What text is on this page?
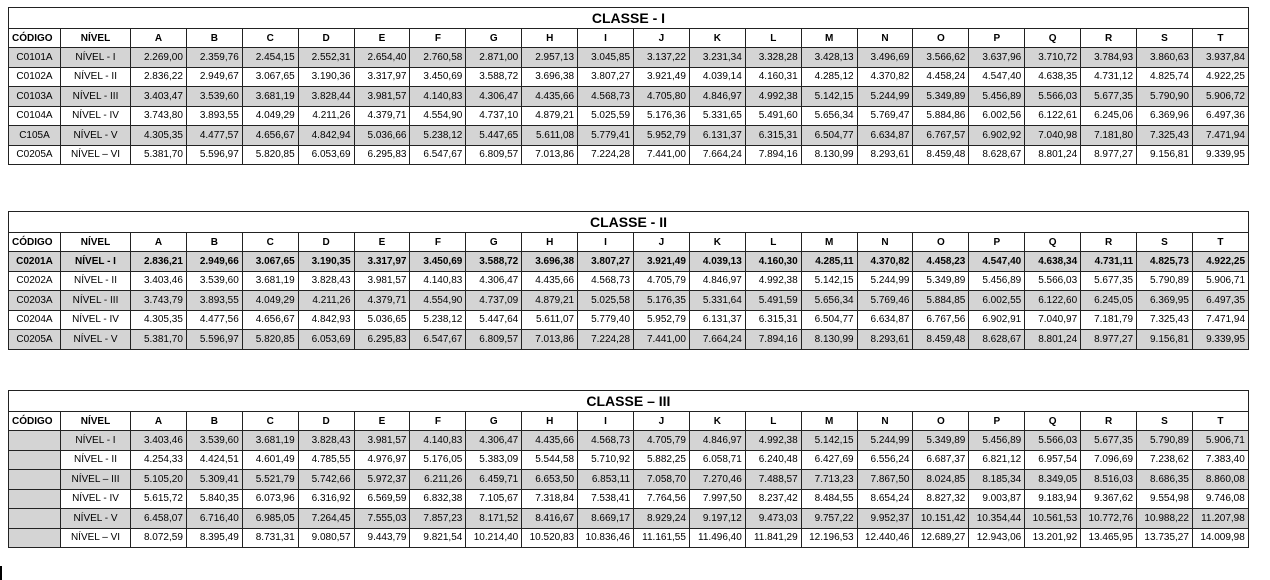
CLASSE - I																					
CÓDIGO	NÍVEL	A	B	C	D	E	F	G	H	I	J	K	L	M	N	O	P	Q	R	S	T
C0101A	NÍVEL - I	2.269,00	2.359,76	2.454,15	2.552,31	2.654,40	2.760,58	2.871,00	2.957,13	3.045,85	3.137,22	3.231,34	3.328,28	3.428,13	3.496,69	3.566,62	3.637,96	3.710,72	3.784,93	3.860,63	3.937,84
C0102A	NÍVEL - II	2.836,22	2.949,67	3.067,65	3.190,36	3.317,97	3.450,69	3.588,72	3.696,38	3.807,27	3.921,49	4.039,14	4.160,31	4.285,12	4.370,82	4.458,24	4.547,40	4.638,35	4.731,12	4.825,74	4.922,25
C0103A	NÍVEL - III	3.403,47	3.539,60	3.681,19	3.828,44	3.981,57	4.140,83	4.306,47	4.435,66	4.568,73	4.705,80	4.846,97	4.992,38	5.142,15	5.244,99	5.349,89	5.456,89	5.566,03	5.677,35	5.790,90	5.906,72
C0104A	NÍVEL - IV	3.743,80	3.893,55	4.049,29	4.211,26	4.379,71	4.554,90	4.737,10	4.879,21	5.025,59	5.176,36	5.331,65	5.491,60	5.656,34	5.769,47	5.884,86	6.002,56	6.122,61	6.245,06	6.369,96	6.497,36
C105A	NÍVEL - V	4.305,35	4.477,57	4.656,67	4.842,94	5.036,66	5.238,12	5.447,65	5.611,08	5.779,41	5.952,79	6.131,37	6.315,31	6.504,77	6.634,87	6.767,57	6.902,92	7.040,98	7.181,80	7.325,43	7.471,94
C0205A	NÍVEL – VI	5.381,70	5.596,97	5.820,85	6.053,69	6.295,83	6.547,67	6.809,57	7.013,86	7.224,28	7.441,00	7.664,24	7.894,16	8.130,99	8.293,61	8.459,48	8.628,67	8.801,24	8.977,27	9.156,81	9.339,95
CLASSE - II																					
CÓDIGO	NÍVEL	A	B	C	D	E	F	G	H	I	J	K	L	M	N	O	P	Q	R	S	T
C0201A	NÍVEL - I	2.836,21	2.949,66	3.067,65	3.190,35	3.317,97	3.450,69	3.588,72	3.696,38	3.807,27	3.921,49	4.039,13	4.160,30	4.285,11	4.370,82	4.458,23	4.547,40	4.638,34	4.731,11	4.825,73	4.922,25
C0202A	NÍVEL - II	3.403,46	3.539,60	3.681,19	3.828,43	3.981,57	4.140,83	4.306,47	4.435,66	4.568,73	4.705,79	4.846,97	4.992,38	5.142,15	5.244,99	5.349,89	5.456,89	5.566,03	5.677,35	5.790,89	5.906,71
C0203A	NÍVEL - III	3.743,79	3.893,55	4.049,29	4.211,26	4.379,71	4.554,90	4.737,09	4.879,21	5.025,58	5.176,35	5.331,64	5.491,59	5.656,34	5.769,46	5.884,85	6.002,55	6.122,60	6.245,05	6.369,95	6.497,35
C0204A	NÍVEL - IV	4.305,35	4.477,56	4.656,67	4.842,93	5.036,65	5.238,12	5.447,64	5.611,07	5.779,40	5.952,79	6.131,37	6.315,31	6.504,77	6.634,87	6.767,56	6.902,91	7.040,97	7.181,79	7.325,43	7.471,94
C0205A	NÍVEL - V	5.381,70	5.596,97	5.820,85	6.053,69	6.295,83	6.547,67	6.809,57	7.013,86	7.224,28	7.441,00	7.664,24	7.894,16	8.130,99	8.293,61	8.459,48	8.628,67	8.801,24	8.977,27	9.156,81	9.339,95
CLASSE – III																					
CÓDIGO	NÍVEL	A	B	C	D	E	F	G	H	I	J	K	L	M	N	O	P	Q	R	S	T
	NÍVEL - I	3.403,46	3.539,60	3.681,19	3.828,43	3.981,57	4.140,83	4.306,47	4.435,66	4.568,73	4.705,79	4.846,97	4.992,38	5.142,15	5.244,99	5.349,89	5.456,89	5.566,03	5.677,35	5.790,89	5.906,71
	NÍVEL - II	4.254,33	4.424,51	4.601,49	4.785,55	4.976,97	5.176,05	5.383,09	5.544,58	5.710,92	5.882,25	6.058,71	6.240,48	6.427,69	6.556,24	6.687,37	6.821,12	6.957,54	7.096,69	7.238,62	7.383,40
	NÍVEL – III	5.105,20	5.309,41	5.521,79	5.742,66	5.972,37	6.211,26	6.459,71	6.653,50	6.853,11	7.058,70	7.270,46	7.488,57	7.713,23	7.867,50	8.024,85	8.185,34	8.349,05	8.516,03	8.686,35	8.860,08
	NÍVEL - IV	5.615,72	5.840,35	6.073,96	6.316,92	6.569,59	6.832,38	7.105,67	7.318,84	7.538,41	7.764,56	7.997,50	8.237,42	8.484,55	8.654,24	8.827,32	9.003,87	9.183,94	9.367,62	9.554,98	9.746,08
	NÍVEL - V	6.458,07	6.716,40	6.985,05	7.264,45	7.555,03	7.857,23	8.171,52	8.416,67	8.669,17	8.929,24	9.197,12	9.473,03	9.757,22	9.952,37	10.151,42	10.354,44	10.561,53	10.772,76	10.988,22	11.207,98
	NÍVEL – VI	8.072,59	8.395,49	8.731,31	9.080,57	9.443,79	9.821,54	10.214,40	10.520,83	10.836,46	11.161,55	11.496,40	11.841,29	12.196,53	12.440,46	12.689,27	12.943,06	13.201,92	13.465,95	13.735,27	14.009,98
